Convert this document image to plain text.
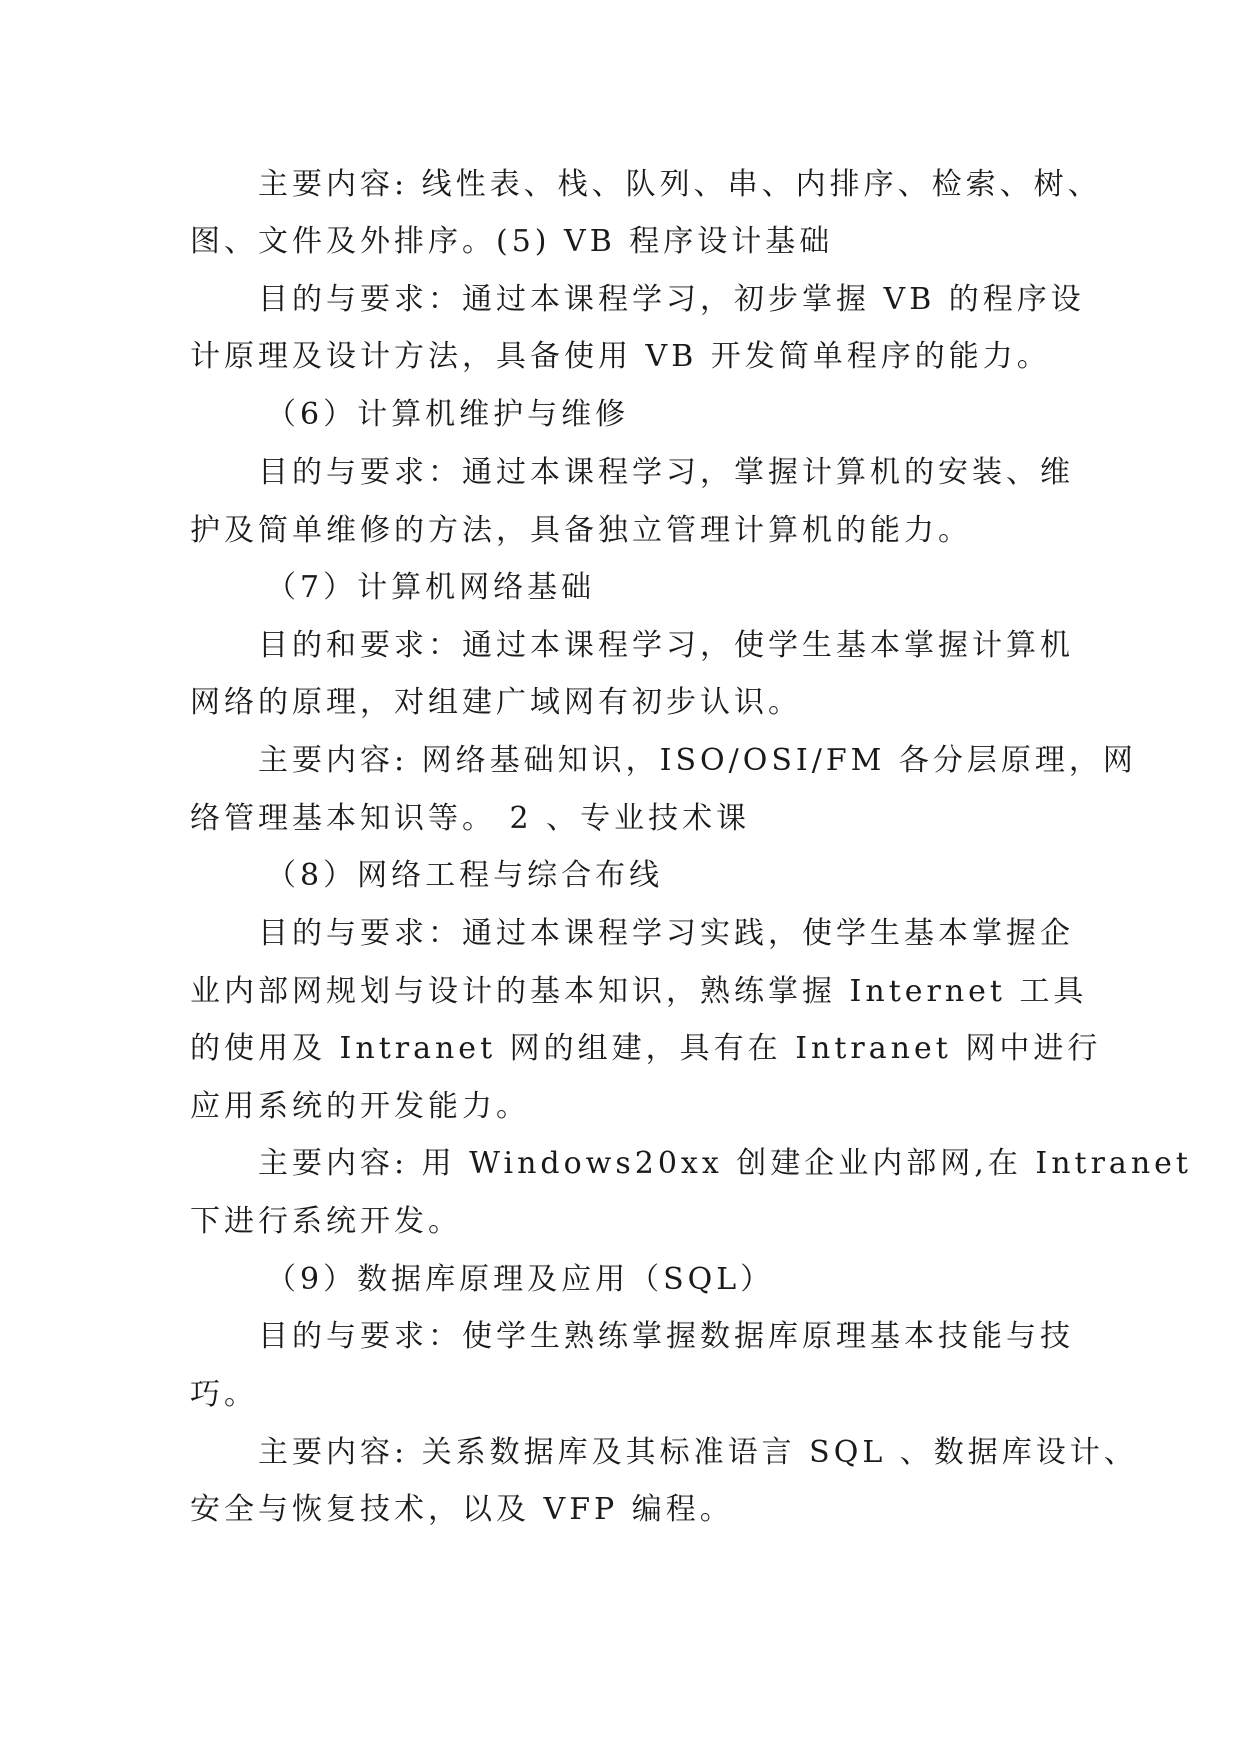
主要内容: 线性表、栈、队列、串、内排序、检索、树、
图、文件及外排序。(5) VB 程序设计基础
目的与要求：通过本课程学习，初步掌握 VB 的程序设
计原理及设计方法，具备使用 VB 开发简单程序的能力。
（6）计算机维护与维修
目的与要求：通过本课程学习，掌握计算机的安装、维
护及简单维修的方法，具备独立管理计算机的能力。
（7）计算机网络基础
目的和要求：通过本课程学习，使学生基本掌握计算机
网络的原理，对组建广域网有初步认识。
主要内容: 网络基础知识，ISO/OSI/FM 各分层原理，网
络管理基本知识等。 2 、专业技术课
（8）网络工程与综合布线
目的与要求：通过本课程学习实践，使学生基本掌握企
业内部网规划与设计的基本知识，熟练掌握 Internet 工具
的使用及 Intranet 网的组建，具有在 Intranet 网中进行
应用系统的开发能力。
主要内容: 用 Windows20xx 创建企业内部网,在 Intranet
下进行系统开发。
（9）数据库原理及应用（SQL）
目的与要求：使学生熟练掌握数据库原理基本技能与技
巧。
主要内容: 关系数据库及其标准语言 SQL 、数据库设计、
安全与恢复技术，以及 VFP 编程。
